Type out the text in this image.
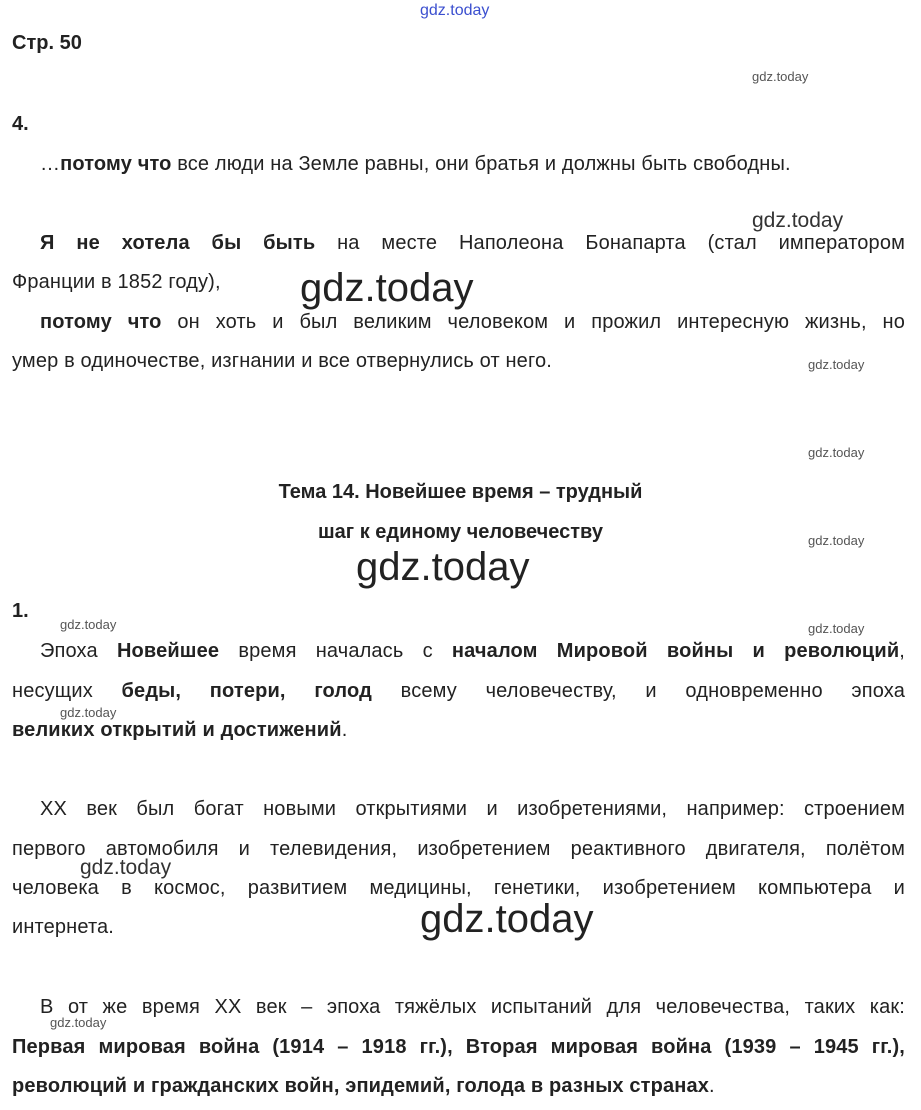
gdz.today
gdz.today
gdz.today
gdz.today
gdz.today
gdz.today
gdz.today
gdz.today
gdz.today	gdz.today
gdz.today
gdz.today
gdz.today
gdz.today
Стр. 50
4.
…потому что все люди на Земле равны, они братья и должны быть свободны.
Я не хотела бы быть на месте Наполеона Бонапарта (стал императором
Франции в 1852 году),
потому что он хоть и был великим человеком и прожил интересную жизнь, но
умер в одиночестве, изгнании и все отвернулись от него.
Тема 14. Новейшее время – трудный
шаг к единому человечеству
1.
Эпоха Новейшее время началась с началом Мировой войны и революций,
несущих беды, потери, голод всему человечеству, и одновременно эпоха
великих открытий и достижений.
XX век был богат новыми открытиями и изобретениями, например: строением
первого автомобиля и телевидения, изобретением реактивного двигателя, полётом
человека в космос, развитием медицины, генетики, изобретением компьютера и
интернета.
В от же время XX век – эпоха тяжёлых испытаний для человечества, таких как:
Первая мировая война (1914 – 1918 гг.), Вторая мировая война (1939 – 1945 гг.),
революций и гражданских войн, эпидемий, голода в разных странах.
